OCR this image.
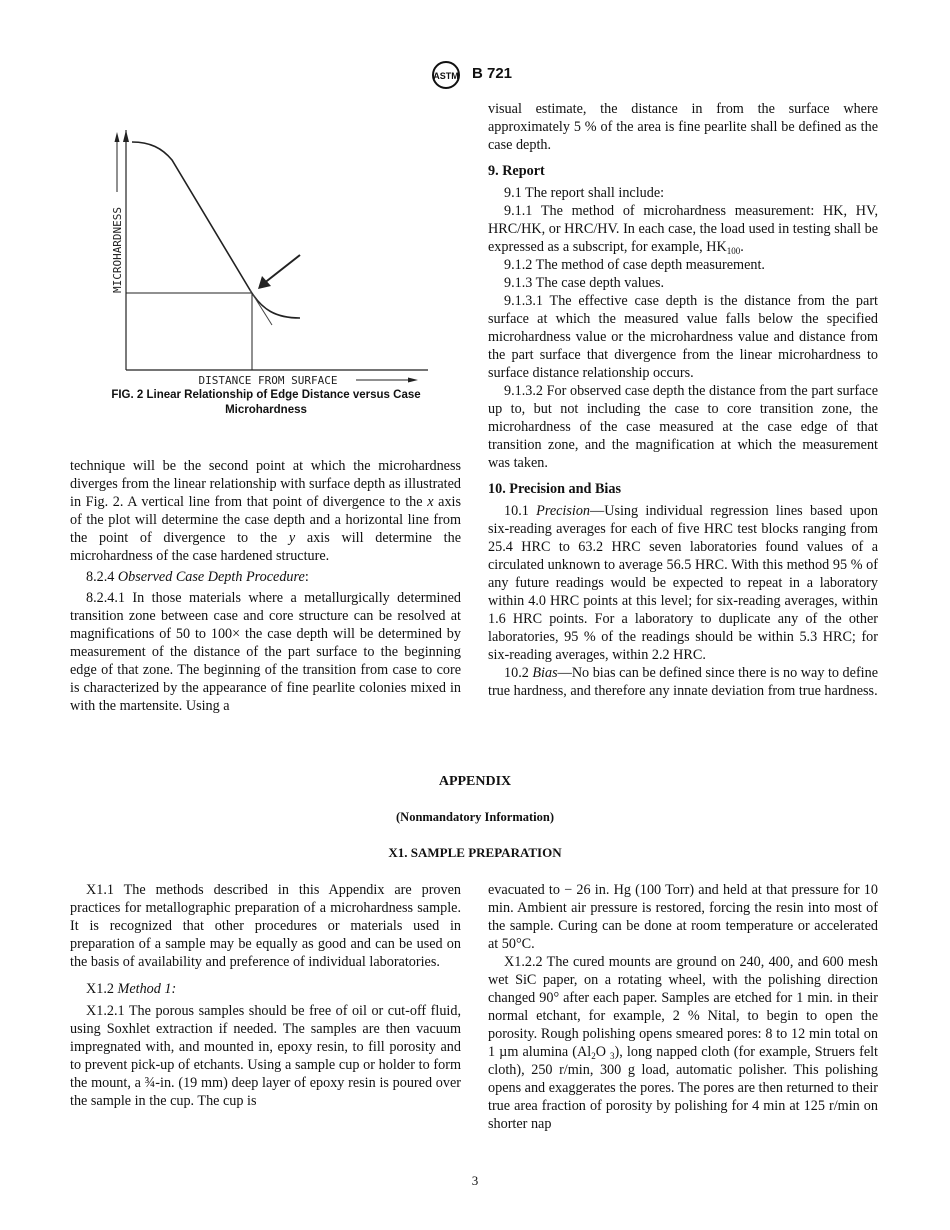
ASTM B 721
MICROHARDNESS
DISTANCE FROM SURFACE
FIG. 2 Linear Relationship of Edge Distance versus Case
Microhardness

technique will be the second point at which the microhardness diverges from the linear relationship with surface depth as illustrated in Fig. 2. A vertical line from that point of divergence to the x axis of the plot will determine the case depth and a horizontal line from the point of divergence to the y axis will determine the microhardness of the case hardened structure.

8.2.4 Observed Case Depth Procedure:

8.2.4.1 In those materials where a metallurgically determined transition zone between case and core structure can be resolved at magnifications of 50 to 100× the case depth will be determined by measurement of the distance of the part surface to the beginning edge of that zone. The beginning of the transition from case to core is characterized by the appearance of fine pearlite colonies mixed in with the martensite. Using a

visual estimate, the distance in from the surface where approximately 5 % of the area is fine pearlite shall be defined as the case depth.

9. Report

9.1 The report shall include:

9.1.1 The method of microhardness measurement: HK, HV, HRC/HK, or HRC/HV. In each case, the load used in testing shall be expressed as a subscript, for example, $HK_{100}$.

9.1.2 The method of case depth measurement.

9.1.3 The case depth values.

9.1.3.1 The effective case depth is the distance from the part surface at which the measured value falls below the specified microhardness value or the microhardness value and distance from the part surface that divergence from the linear microhardness to surface distance relationship occurs.

9.1.3.2 For observed case depth the distance from the part surface up to, but not including the case to core transition zone, the microhardness of the case measured at the case edge of that transition zone, and the magnification at which the measurement was taken.

10. Precision and Bias

10.1 Precision—Using individual regression lines based upon six-reading averages for each of five HRC test blocks ranging from 25.4 HRC to 63.2 HRC seven laboratories found values of a circulated unknown to average 56.5 HRC. With this method 95 % of any future readings would be expected to repeat in a laboratory within 4.0 HRC points at this level; for six-reading averages, within 1.6 HRC points. For a laboratory to duplicate any of the other laboratories, 95 % of the readings should be within 5.3 HRC; for six-reading averages, within 2.2 HRC.

10.2 Bias—No bias can be defined since there is no way to define true hardness, and therefore any innate deviation from true hardness.

APPENDIX
(Nonmandatory Information)
X1. SAMPLE PREPARATION

X1.1 The methods described in this Appendix are proven practices for metallographic preparation of a microhardness sample. It is recognized that other procedures or materials used in preparation of a sample may be equally as good and can be used on the basis of availability and preference of individual laboratories.

X1.2 Method 1:

X1.2.1 The porous samples should be free of oil or cut-off fluid, using Soxhlet extraction if needed. The samples are then vacuum impregnated with, and mounted in, epoxy resin, to fill porosity and to prevent pick-up of etchants. Using a sample cup or holder to form the mount, a ¾-in. (19 mm) deep layer of epoxy resin is poured over the sample in the cup. The cup is

evacuated to − 26 in. Hg (100 Torr) and held at that pressure for 10 min. Ambient air pressure is restored, forcing the resin into most of the sample. Curing can be done at room temperature or accelerated at 50°C.

X1.2.2 The cured mounts are ground on 240, 400, and 600 mesh wet SiC paper, on a rotating wheel, with the polishing direction changed 90° after each paper. Samples are etched for 1 min. in their normal etchant, for example, 2 % Nital, to begin to open the porosity. Rough polishing opens smeared pores: 8 to 12 min total on 1 µm alumina ($Al_2O$ $_3$), long napped cloth (for example, Struers felt cloth), 250 r/min, 300 g load, automatic polisher. This polishing opens and exaggerates the pores. The pores are then returned to their true area fraction of porosity by polishing for 4 min at 125 r/min on shorter nap

3
